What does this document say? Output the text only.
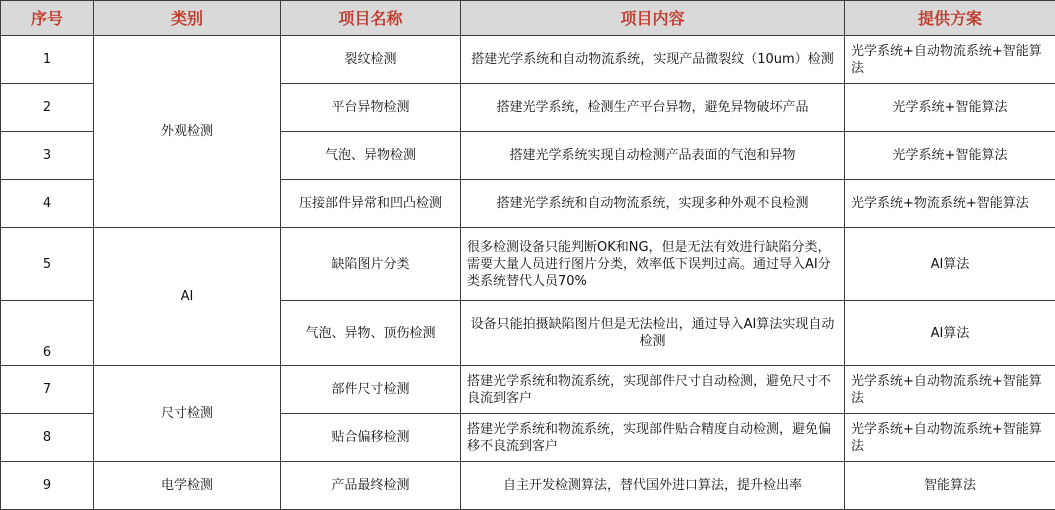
序号	类别	项目名称	项目内容	提供方案
1	外观检测	裂纹检测	搭建光学系统和自动物流系统，实现产品微裂纹（10um）检测	光学系统+自动物流系统+智能算法
2		平台异物检测	搭建光学系统，检测生产平台异物，避免异物破坏产品	光学系统+智能算法
3		气泡、异物检测	搭建光学系统实现自动检测产品表面的气泡和异物	光学系统+智能算法
4		压接部件异常和凹凸检测	搭建光学系统和自动物流系统，实现多种外观不良检测	光学系统+物流系统+智能算法
5	AI	缺陷图片分类	很多检测设备只能判断OK和NG，但是无法有效进行缺陷分类，需要大量人员进行图片分类，效率低下误判过高。通过导入AI分类系统替代人员70%	AI算法

6		气泡、异物、顶伤检测	设备只能拍摄缺陷图片但是无法检出，通过导入AI算法实现自动检测	AI算法
7	尺寸检测	部件尺寸检测	搭建光学系统和物流系统，实现部件尺寸自动检测，避免尺寸不良流到客户	光学系统+自动物流系统+智能算法
8		贴合偏移检测	搭建光学系统和物流系统，实现部件贴合精度自动检测，避免偏移不良流到客户	光学系统+自动物流系统+智能算法
9	电学检测	产品最终检测	自主开发检测算法，替代国外进口算法，提升检出率	智能算法
